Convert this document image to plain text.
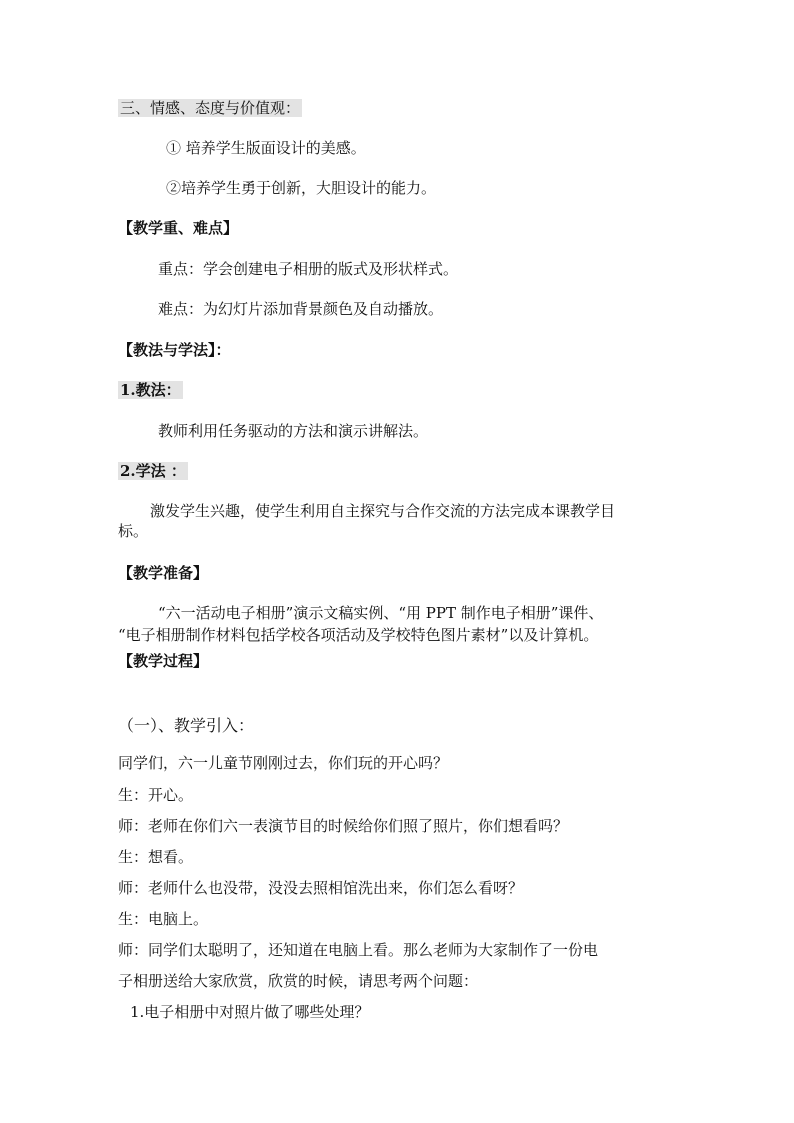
三、情感、态度与价值观：
① 培养学生版面设计的美感。
②培养学生勇于创新，大胆设计的能力。
【教学重、难点】
重点：学会创建电子相册的版式及形状样式。
难点：为幻灯片添加背景颜色及自动播放。
【教法与学法】：
1.教法：
教师利用任务驱动的方法和演示讲解法。
2.学法 ：
激发学生兴趣，使学生利用自主探究与合作交流的方法完成本课教学目
标。
【教学准备】
“六一活动电子相册”演示文稿实例、“用 PPT 制作电子相册”课件、
“电子相册制作材料包括学校各项活动及学校特色图片素材”以及计算机。
【教学过程】
（一）、教学引入：
同学们，六一儿童节刚刚过去，你们玩的开心吗？
生：开心。
师：老师在你们六一表演节目的时候给你们照了照片，你们想看吗？
生：想看。
师：老师什么也没带，没没去照相馆洗出来，你们怎么看呀？
生：电脑上。
师：同学们太聪明了，还知道在电脑上看。那么老师为大家制作了一份电
子相册送给大家欣赏，欣赏的时候，请思考两个问题：
1.电子相册中对照片做了哪些处理？
